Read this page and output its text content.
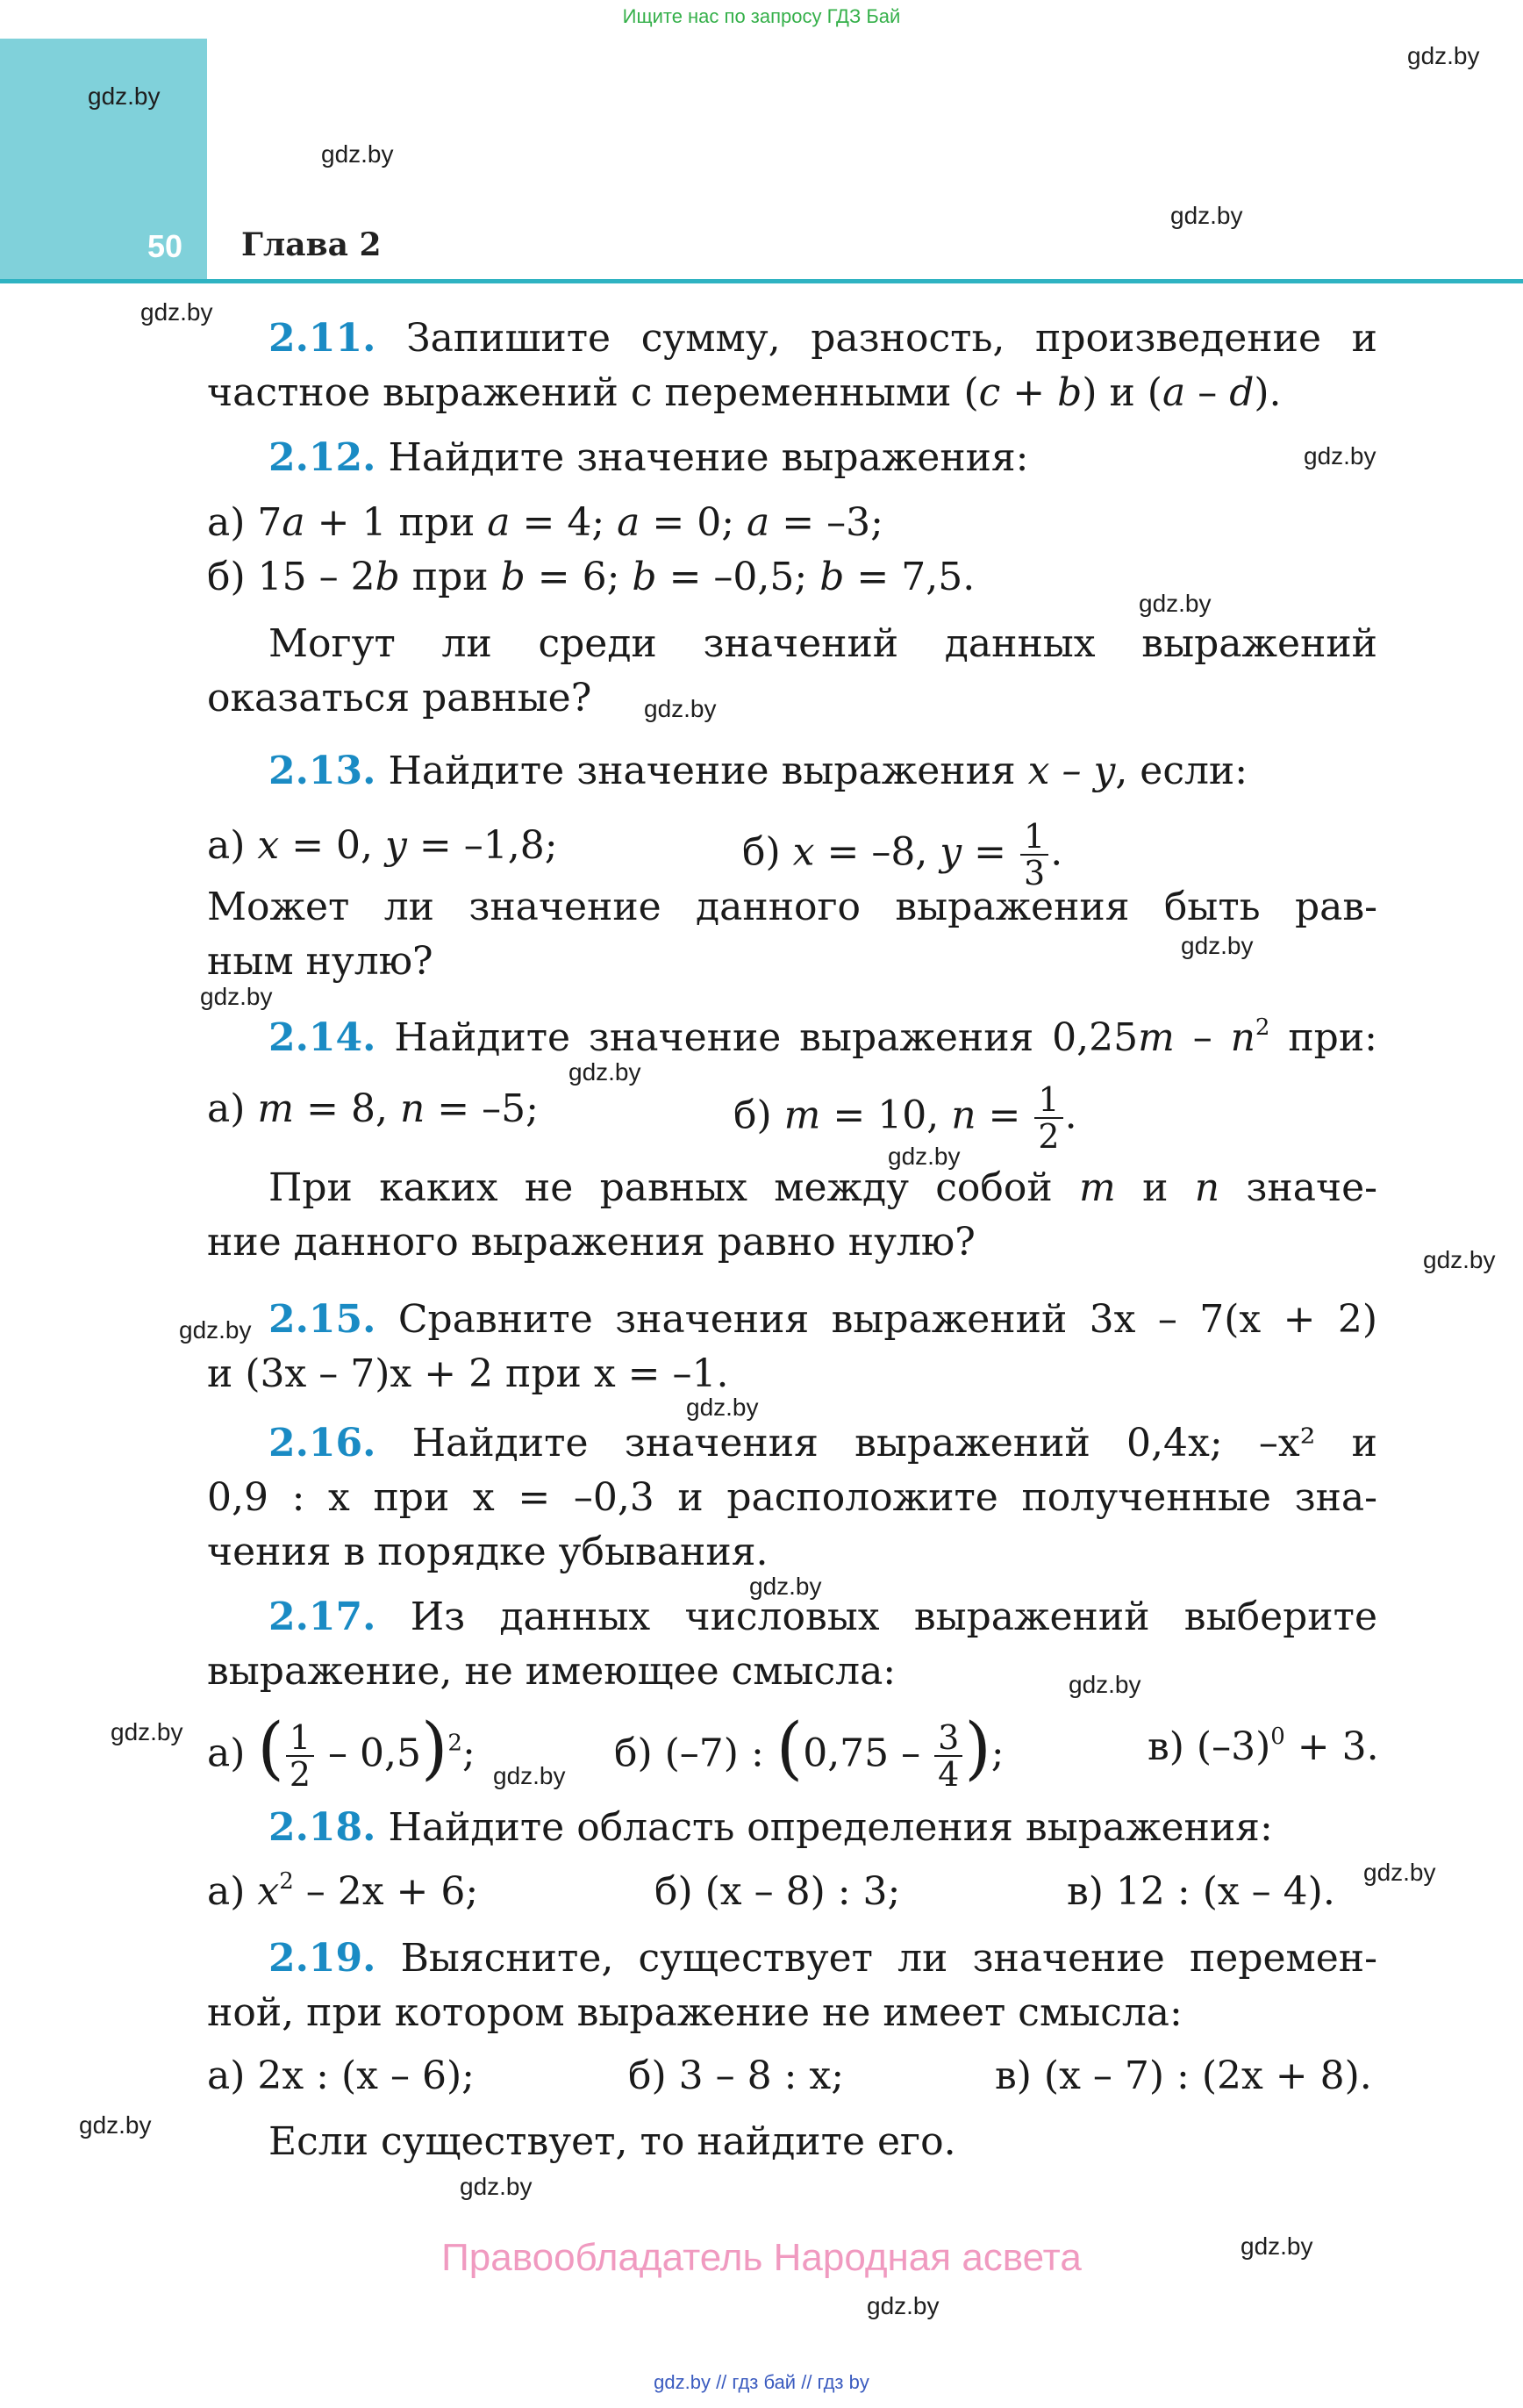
Ищите нас по запросу ГДЗ Бай
50 Глава 2
gdz.by
gdz.by
gdz.by
gdz.by
gdz.by
gdz.by
gdz.by
gdz.by
gdz.by
gdz.by
gdz.by
gdz.by
gdz.by
gdz.by
gdz.by
gdz.by
gdz.by
gdz.by
gdz.by
gdz.by
gdz.by
gdz.by
gdz.by
gdz.by
2.11. Запишите сумму, разность, произведение и
частное выражений с переменными (c + b) и (a – d).
2.12. Найдите значение выражения:
а) 7a + 1 при a = 4; a = 0; a = –3;
б) 15 – 2b при b = 6; b = –0,5; b = 7,5.
Могут ли среди значений данных выражений
оказаться равные?
2.13. Найдите значение выражения x – y, если:
а) x = 0, y = –1,8;	б) x = –8, $y = \frac{1}{3}$ .
Может ли значение данного выражения быть рав-
ным нулю?
2.14. Найдите значение выражения $0,25m - n^2$ при:
а) m = 8, n = –5;	б) m = 10, $n = \frac{1}{2}$ .
При каких не равных между собой m и n значе-
ние данного выражения равно нулю?
2.15. Сравните значения выражений 3x – 7(x + 2)
и (3x – 7)x + 2 при x = –1.
2.16. Найдите значения выражений 0,4x; –x² и
0,9 : x при x = –0,3 и расположите полученные зна-
чения в порядке убывания.
2.17. Из данных числовых выражений выберите
выражение, не имеющее смысла:
а) ( $\frac{1}{2} - 0,5)^2$;	б) (–7) : ($0,75 - \frac{3}{4}$ );	в) $(-3)^0 + 3$.
2.18. Найдите область определения выражения:
а) $x^2 - 2x + 6$;	б) (x – 8) : 3;	в) 12 : (x – 4).
2.19. Выясните, существует ли значение перемен-
ной, при котором выражение не имеет смысла:
а) 2x : (x – 6);	б) 3 – 8 : x;	в) (x – 7) : (2x + 8).
Если существует, то найдите его.
Правообладатель Народная асвета
gdz.by // гдз бай // гдз by
